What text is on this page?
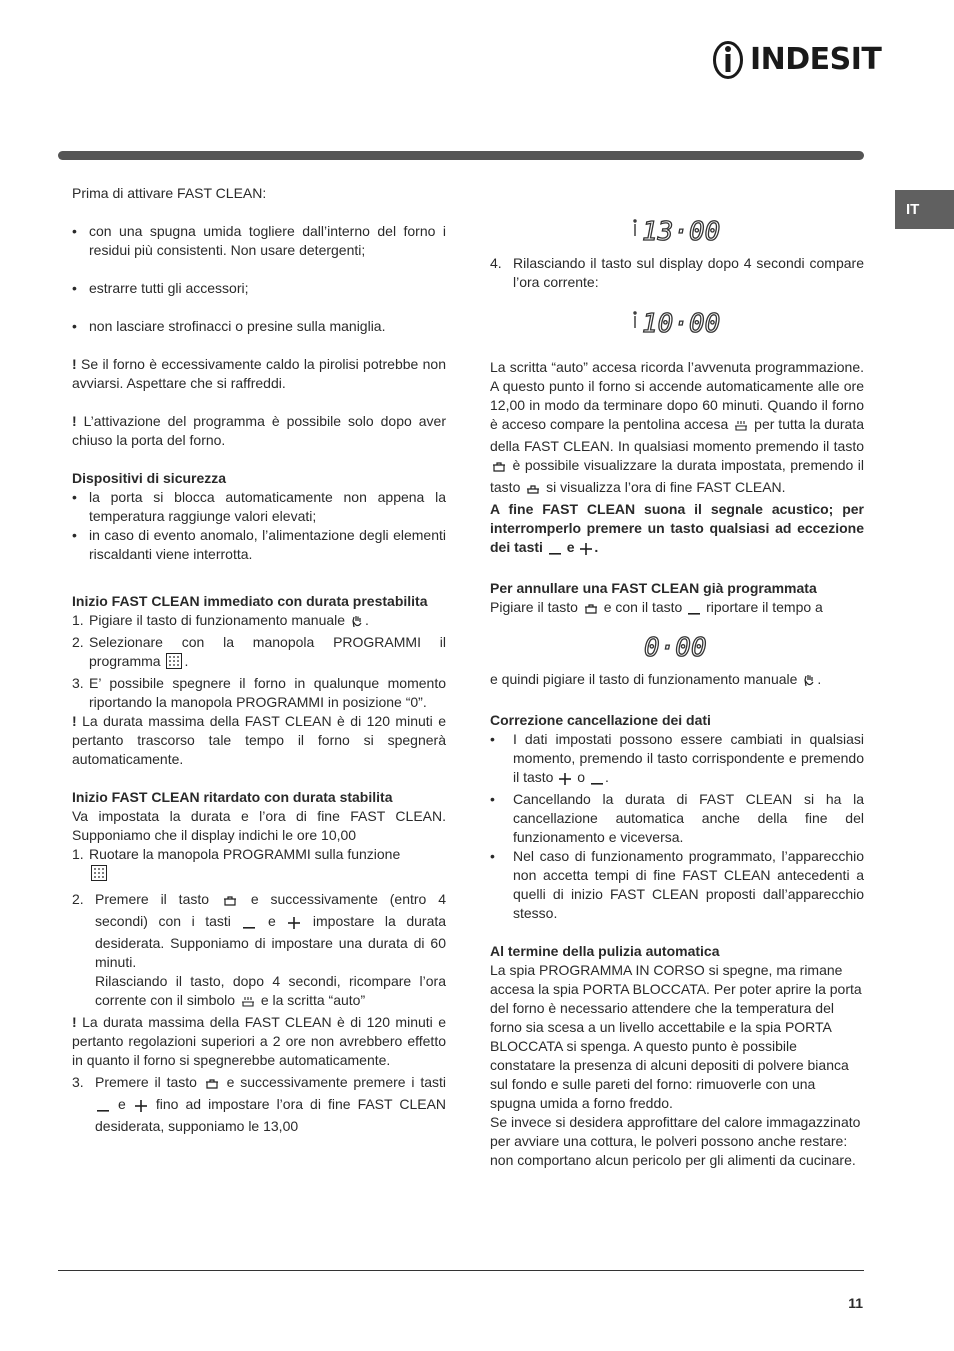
INDESIT
IT

Prima di attivare FAST CLEAN:

• con una spugna umida togliere dall’interno del forno i residui più consistenti. Non usare detergenti;

• estrarre tutti gli accessori;

• non lasciare strofinacci o presine sulla maniglia.

! Se il forno è eccessivamente caldo la pirolisi potrebbe non avviarsi. Aspettare che si raffreddi.

! L’attivazione del programma è possibile solo dopo aver chiuso la porta del forno.

Dispositivi di sicurezza

• la porta si blocca automaticamente non appena la temperatura raggiunge valori elevati;

• in caso di evento anomalo, l’alimentazione degli elementi riscaldanti viene interrotta.

Inizio FAST CLEAN immediato con durata prestabilita

1. Pigiare il tasto di funzionamento manuale .

2. Selezionare con la manopola PROGRAMMI il programma .

3. E’ possibile spegnere il forno in qualunque momento riportando la manopola PROGRAMMI in posizione “0”.

! La durata massima della FAST CLEAN è di 120 minuti e pertanto trascorso tale tempo il forno si spegnerà automaticamente.

Inizio FAST CLEAN ritardato con durata stabilita

Va impostata la durata e l’ora di fine FAST CLEAN. Supponiamo che il display indichi le ore 10,00

1. Ruotare la manopola PROGRAMMI sulla funzione

2. Premere il tasto	e successivamente (entro 4 secondi) con i tasti	e	impostare la durata desiderata. Supponiamo di impostare una durata di 60 minuti.
Rilasciando il tasto, dopo 4 secondi, ricompare l’ora corrente con il simbolo e la scritta “auto”

! La durata massima della FAST CLEAN è di 120 minuti e pertanto regolazioni superiori a 2 ore non avrebbero effetto in quanto il forno si spegnerebbe automaticamente.

3. Premere il tasto e successivamente premere i tasti  e fino ad impostare l’ora di fine FAST CLEAN desiderata, supponiamo le 13,00

13·00

4. Rilasciando il tasto sul display dopo 4 secondi compare l’ora corrente:

10·00

La scritta “auto” accesa ricorda l’avvenuta programmazione. A questo punto il forno si accende automaticamente alle ore 12,00 in modo da terminare dopo 60 minuti. Quando il forno è acceso compare la pentolina accesa per tutta la durata della FAST CLEAN. In qualsiasi momento premendo il tasto  è possibile visualizzare la durata impostata, premendo il tasto si visualizza l’ora di fine FAST CLEAN.

A fine FAST CLEAN suona il segnale acustico; per interromperlo premere un tasto qualsiasi ad eccezione dei tasti e .

Per annullare una FAST CLEAN già programmata

Pigiare il tasto e con il tasto riportare il tempo a

0·00

e quindi pigiare il tasto di funzionamento manuale .

Correzione cancellazione dei dati

• I dati impostati possono essere cambiati in qualsiasi momento, premendo il tasto corrispondente e premendo il tasto o .

• Cancellando la durata di FAST CLEAN si ha la cancellazione automatica anche della fine del funzionamento e viceversa.

• Nel caso di funzionamento programmato, l’apparecchio non accetta tempi di fine FAST CLEAN antecedenti a quelli di inizio FAST CLEAN proposti dall’apparecchio stesso.

Al termine della pulizia automatica

La spia PROGRAMMA IN CORSO si spegne, ma rimane accesa la spia PORTA BLOCCATA. Per poter aprire la porta del forno è necessario attendere che la temperatura del forno sia scesa a un livello accettabile e la spia PORTA BLOCCATA si spenga. A questo punto è possibile constatare la presenza di alcuni depositi di polvere bianca sul fondo e sulle pareti del forno: rimuoverle con una spugna umida a forno freddo.

Se invece si desidera approfittare del calore immagazzinato per avviare una cottura, le polveri possono anche restare: non comportano alcun pericolo per gli alimenti da cucinare.

11
